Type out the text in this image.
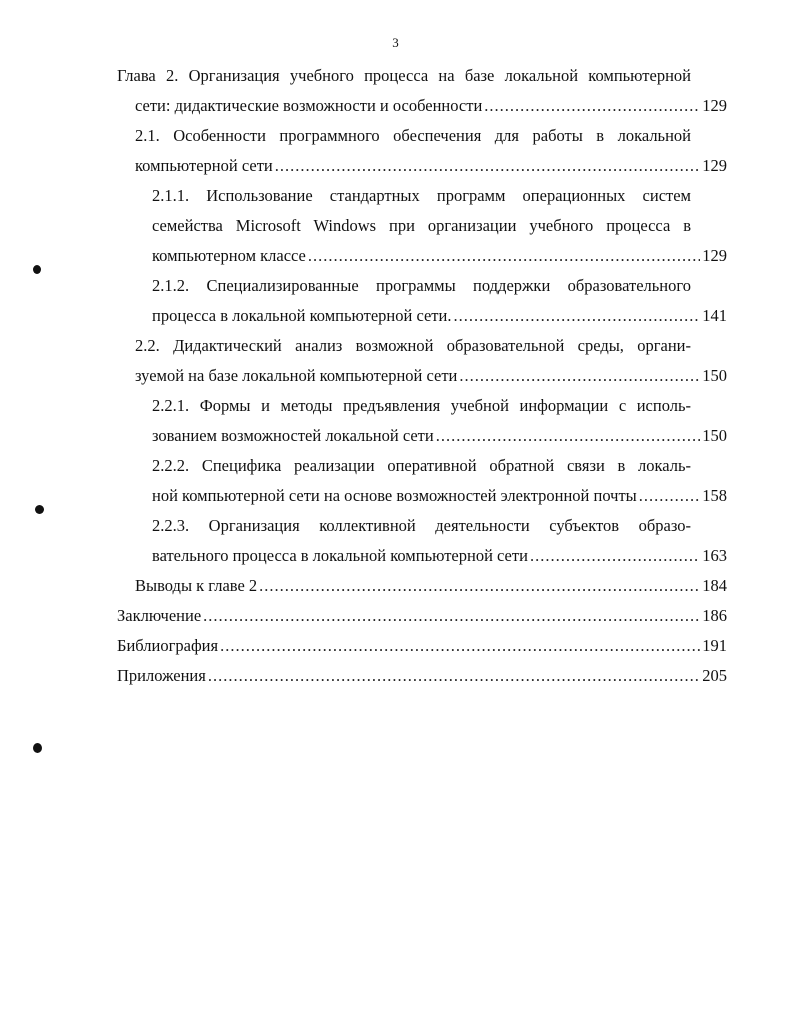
3
Глава 2. Организация учебного процесса на базе локальной компьютерной
сети: дидактические возможности и особенности .....	129
2.1. Особенности программного обеспечения для работы в локальной
компьютерной сети .....	129
2.1.1. Использование стандартных программ операционных систем
семейства Microsoft Windows при организации учебного процесса в
компьютерном классе .....	129
2.1.2. Специализированные программы поддержки образовательного
процесса в локальной компьютерной сети. .....	141
2.2. Дидактический анализ возможной образовательной среды, органи-
зуемой на базе локальной компьютерной сети .....	150
2.2.1. Формы и методы предъявления учебной информации с исполь-
зованием возможностей локальной сети .....	150
2.2.2. Специфика реализации оперативной обратной связи в локаль-
ной компьютерной сети на основе возможностей электронной почты .....	158
2.2.3. Организация коллективной деятельности субъектов образо-
вательного процесса в локальной компьютерной сети .....	163
Выводы к главе 2 .....	184
Заключение .....	186
Библиография .....	191
Приложения .....	205
